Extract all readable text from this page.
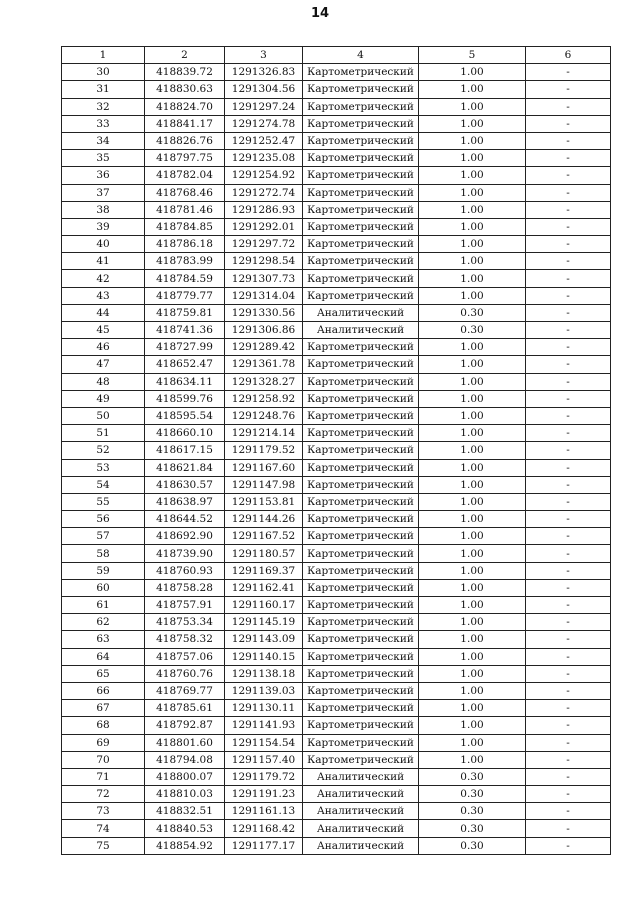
14
1	2	3	4	5	6
30	418839.72	1291326.83	Картометрический	1.00	-
31	418830.63	1291304.56	Картометрический	1.00	-
32	418824.70	1291297.24	Картометрический	1.00	-
33	418841.17	1291274.78	Картометрический	1.00	-
34	418826.76	1291252.47	Картометрический	1.00	-
35	418797.75	1291235.08	Картометрический	1.00	-
36	418782.04	1291254.92	Картометрический	1.00	-
37	418768.46	1291272.74	Картометрический	1.00	-
38	418781.46	1291286.93	Картометрический	1.00	-
39	418784.85	1291292.01	Картометрический	1.00	-
40	418786.18	1291297.72	Картометрический	1.00	-
41	418783.99	1291298.54	Картометрический	1.00	-
42	418784.59	1291307.73	Картометрический	1.00	-
43	418779.77	1291314.04	Картометрический	1.00	-
44	418759.81	1291330.56	Аналитический	0.30	-
45	418741.36	1291306.86	Аналитический	0.30	-
46	418727.99	1291289.42	Картометрический	1.00	-
47	418652.47	1291361.78	Картометрический	1.00	-
48	418634.11	1291328.27	Картометрический	1.00	-
49	418599.76	1291258.92	Картометрический	1.00	-
50	418595.54	1291248.76	Картометрический	1.00	-
51	418660.10	1291214.14	Картометрический	1.00	-
52	418617.15	1291179.52	Картометрический	1.00	-
53	418621.84	1291167.60	Картометрический	1.00	-
54	418630.57	1291147.98	Картометрический	1.00	-
55	418638.97	1291153.81	Картометрический	1.00	-
56	418644.52	1291144.26	Картометрический	1.00	-
57	418692.90	1291167.52	Картометрический	1.00	-
58	418739.90	1291180.57	Картометрический	1.00	-
59	418760.93	1291169.37	Картометрический	1.00	-
60	418758.28	1291162.41	Картометрический	1.00	-
61	418757.91	1291160.17	Картометрический	1.00	-
62	418753.34	1291145.19	Картометрический	1.00	-
63	418758.32	1291143.09	Картометрический	1.00	-
64	418757.06	1291140.15	Картометрический	1.00	-
65	418760.76	1291138.18	Картометрический	1.00	-
66	418769.77	1291139.03	Картометрический	1.00	-
67	418785.61	1291130.11	Картометрический	1.00	-
68	418792.87	1291141.93	Картометрический	1.00	-
69	418801.60	1291154.54	Картометрический	1.00	-
70	418794.08	1291157.40	Картометрический	1.00	-
71	418800.07	1291179.72	Аналитический	0.30	-
72	418810.03	1291191.23	Аналитический	0.30	-
73	418832.51	1291161.13	Аналитический	0.30	-
74	418840.53	1291168.42	Аналитический	0.30	-
75	418854.92	1291177.17	Аналитический	0.30	-
